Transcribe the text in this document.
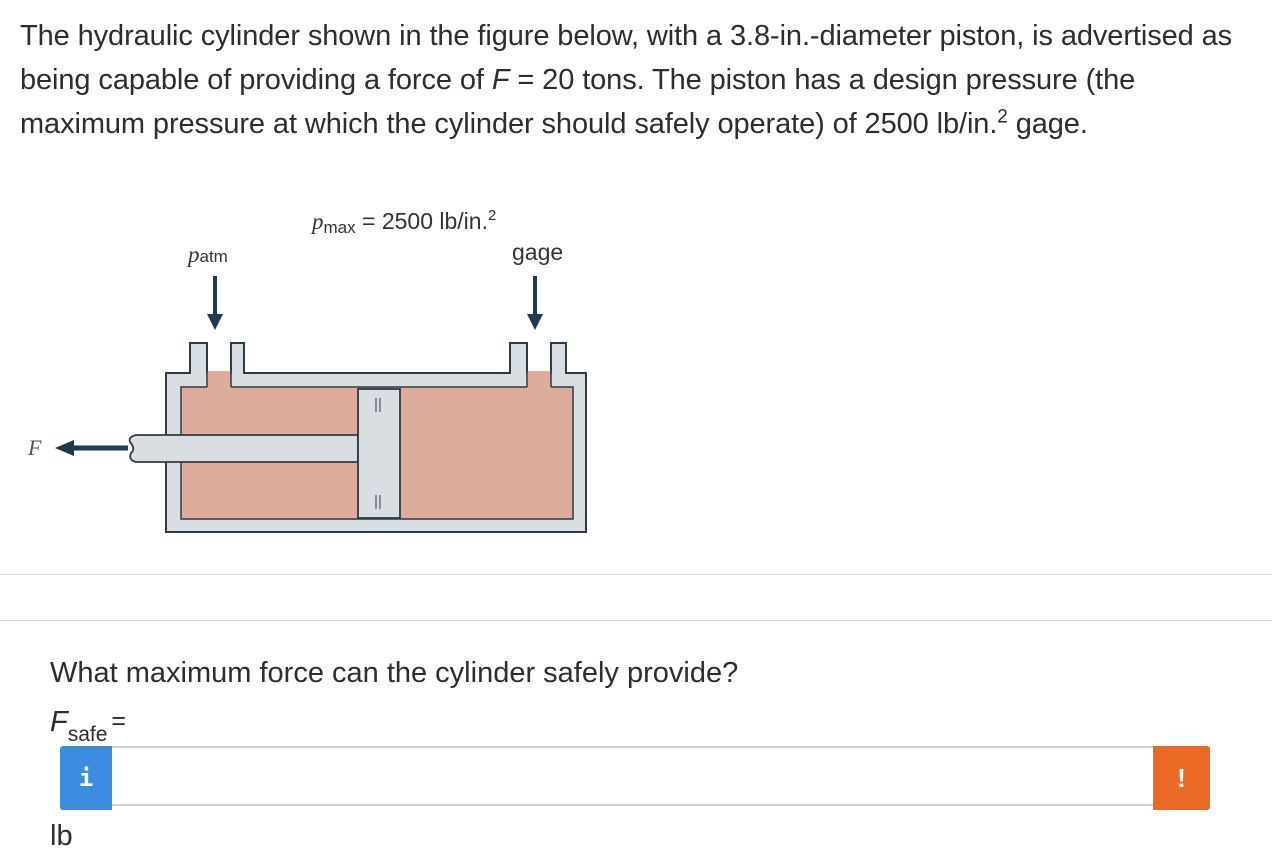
The hydraulic cylinder shown in the figure below, with a 3.8-in.-diameter piston, is advertised as being capable of providing a force of F = 20 tons. The piston has a design pressure (the maximum pressure at which the cylinder should safely operate) of 2500 lb/in.$^2$ gage.
patm
pmax = 2500 lb/in.$^2$
gage
F
What maximum force can the cylinder safely provide?
$F_{safe}$ =
i	!
lb
